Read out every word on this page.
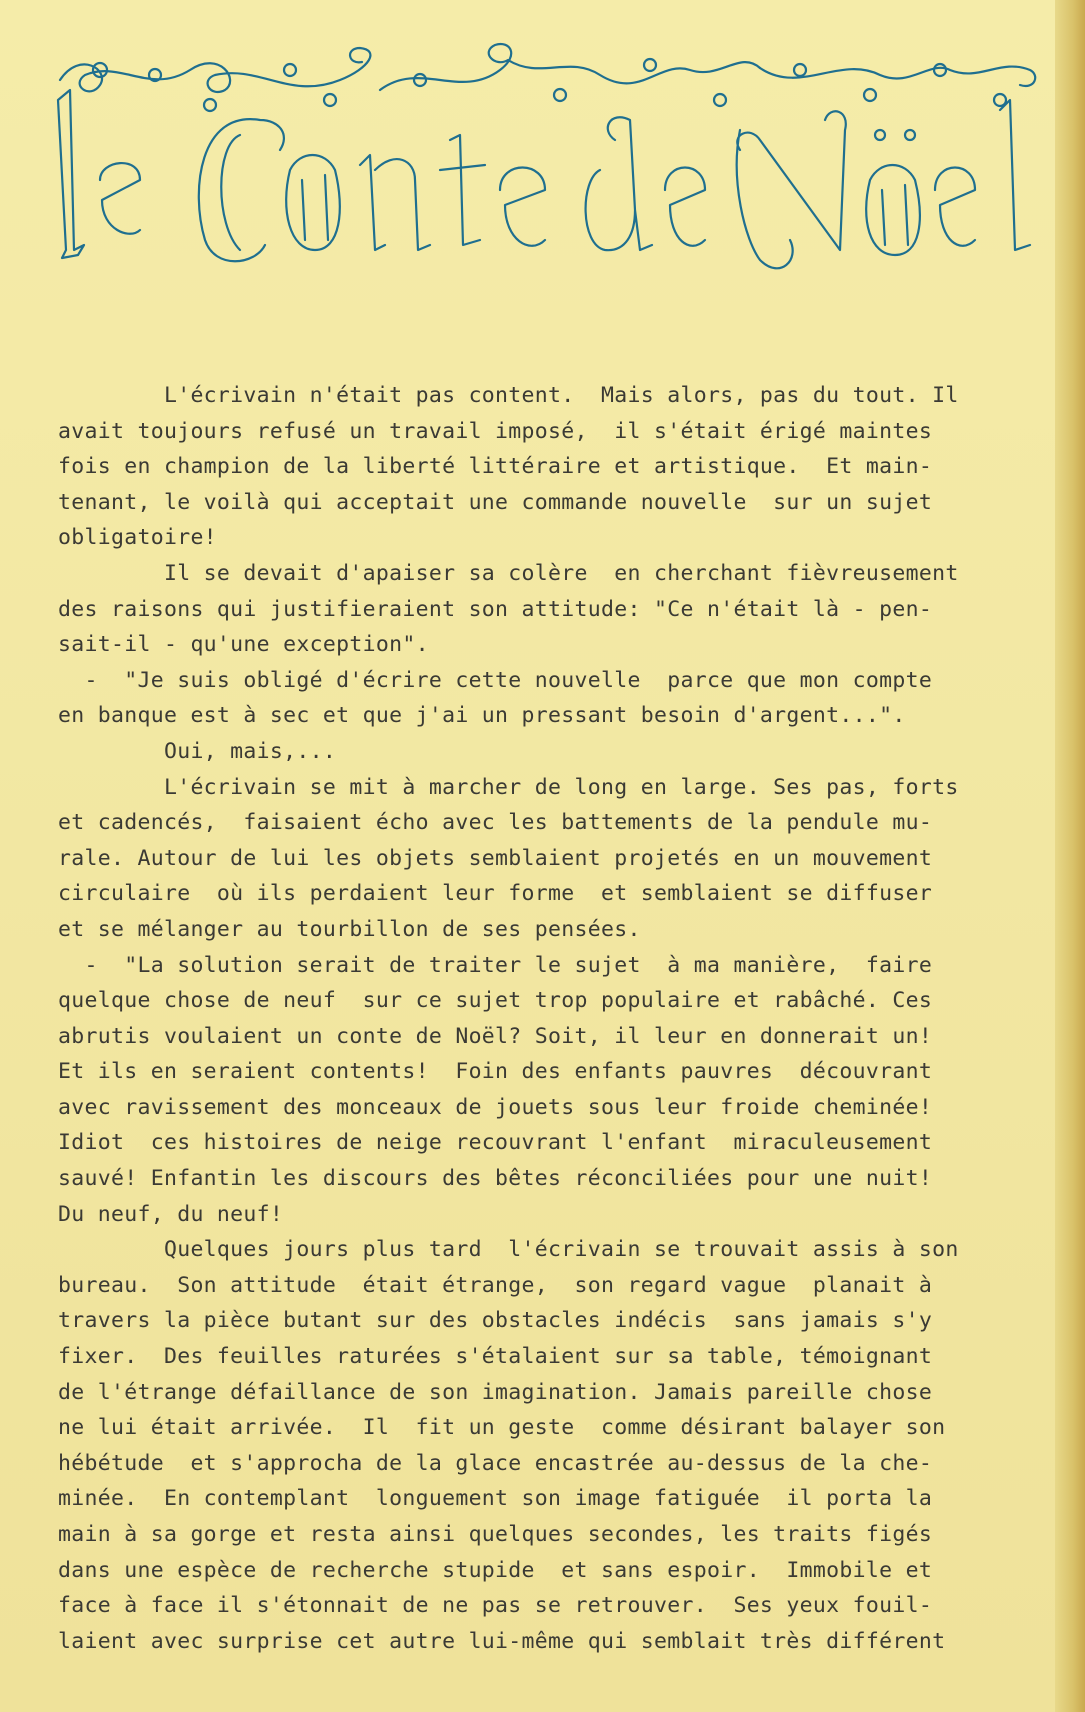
L'écrivain n'était pas content.  Mais alors, pas du tout. Il
avait toujours refusé un travail imposé,  il s'était érigé maintes
fois en champion de la liberté littéraire et artistique.  Et main-
tenant, le voilà qui acceptait une commande nouvelle  sur un sujet
obligatoire!
Il se devait d'apaiser sa colère  en cherchant fièvreusement
des raisons qui justifieraient son attitude: "Ce n'était là - pen-
sait-il - qu'une exception".
-  "Je suis obligé d'écrire cette nouvelle  parce que mon compte
en banque est à sec et que j'ai un pressant besoin d'argent...".
Oui, mais,...
L'écrivain se mit à marcher de long en large. Ses pas, forts
et cadencés,  faisaient écho avec les battements de la pendule mu-
rale. Autour de lui les objets semblaient projetés en un mouvement
circulaire  où ils perdaient leur forme  et semblaient se diffuser
et se mélanger au tourbillon de ses pensées.
-  "La solution serait de traiter le sujet  à ma manière,  faire
quelque chose de neuf  sur ce sujet trop populaire et rabâché. Ces
abrutis voulaient un conte de Noël? Soit, il leur en donnerait un!
Et ils en seraient contents!  Foin des enfants pauvres  découvrant
avec ravissement des monceaux de jouets sous leur froide cheminée!
Idiot  ces histoires de neige recouvrant l'enfant  miraculeusement
sauvé! Enfantin les discours des bêtes réconciliées pour une nuit!
Du neuf, du neuf!
Quelques jours plus tard  l'écrivain se trouvait assis à son
bureau.  Son attitude  était étrange,  son regard vague  planait à
travers la pièce butant sur des obstacles indécis  sans jamais s'y
fixer.  Des feuilles raturées s'étalaient sur sa table, témoignant
de l'étrange défaillance de son imagination. Jamais pareille chose
ne lui était arrivée.  Il  fit un geste  comme désirant balayer son
hébétude  et s'approcha de la glace encastrée au-dessus de la che-
minée.  En contemplant  longuement son image fatiguée  il porta la
main à sa gorge et resta ainsi quelques secondes, les traits figés
dans une espèce de recherche stupide  et sans espoir.  Immobile et
face à face il s'étonnait de ne pas se retrouver.  Ses yeux fouil-
laient avec surprise cet autre lui-même qui semblait très différent
